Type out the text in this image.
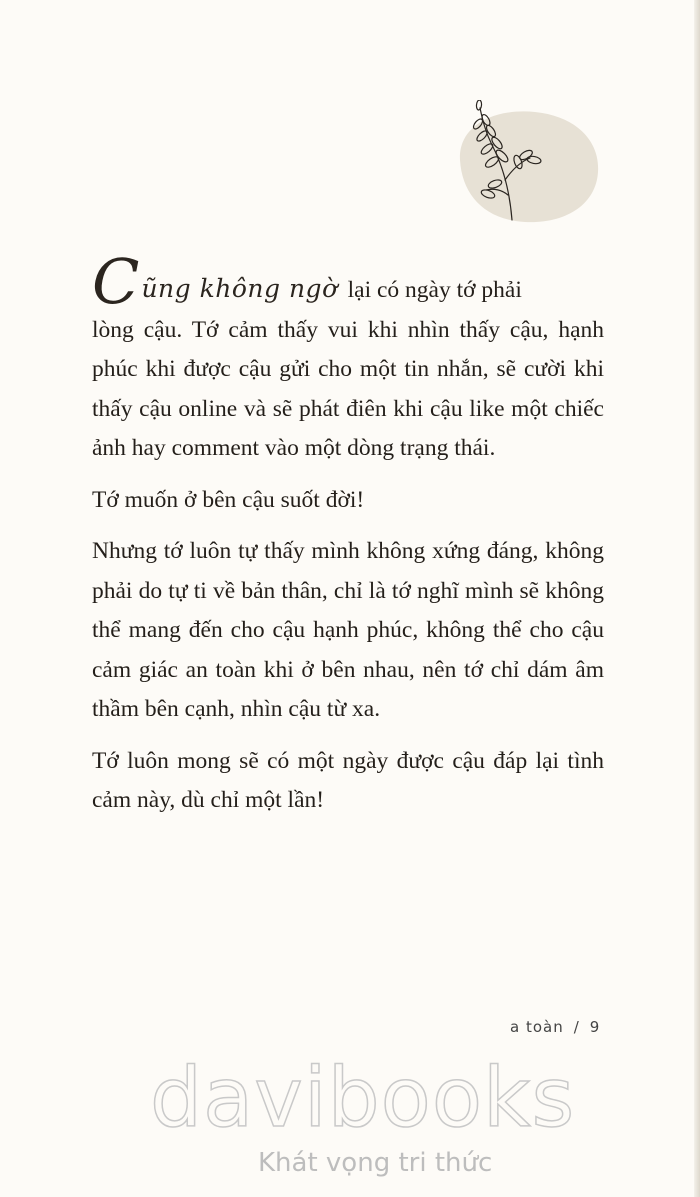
Cũng không ngờ lại có ngày tớ phải
lòng cậu. Tớ cảm thấy vui khi nhìn thấy cậu, hạnh phúc khi được cậu gửi cho một tin nhắn, sẽ cười khi thấy cậu online và sẽ phát điên khi cậu like một chiếc ảnh hay comment vào một dòng trạng thái.

Tớ muốn ở bên cậu suốt đời!

Nhưng tớ luôn tự thấy mình không xứng đáng, không phải do tự ti về bản thân, chỉ là tớ nghĩ mình sẽ không thể mang đến cho cậu hạnh phúc, không thể cho cậu cảm giác an toàn khi ở bên nhau, nên tớ chỉ dám âm thầm bên cạnh, nhìn cậu từ xa.

Tớ luôn mong sẽ có một ngày được cậu đáp lại tình cảm này, dù chỉ một lần!

a toàn / 9
davibooks
Khát vọng tri thức
